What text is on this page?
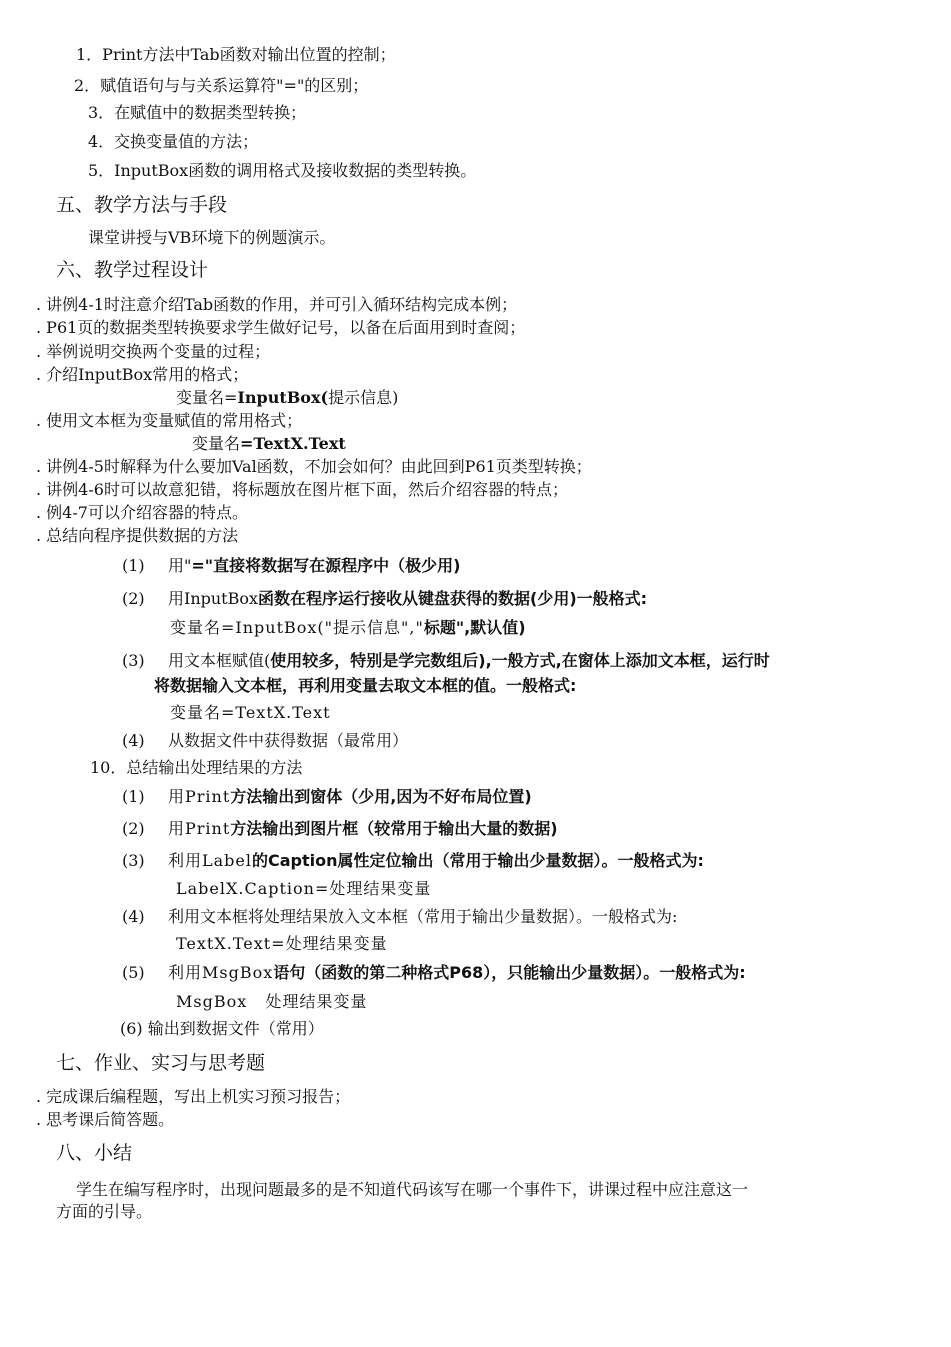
1．Print方法中Tab函数对输出位置的控制；
2．赋值语句与与关系运算符"="的区别；
3．在赋值中的数据类型转换；
4．交换变量值的方法；
5．InputBox函数的调用格式及接收数据的类型转换。
五、教学方法与手段
课堂讲授与VB环境下的例题演示。
六、教学过程设计
. 讲例4-1时注意介绍Tab函数的作用，并可引入循环结构完成本例；
. P61页的数据类型转换要求学生做好记号，以备在后面用到时查阅；
. 举例说明交换两个变量的过程；
. 介绍InputBox常用的格式；
变量名=InputBox(提示信息)
. 使用文本框为变量赋值的常用格式；
变量名=TextX.Text
. 讲例4-5时解释为什么要加Val函数，不加会如何？由此回到P61页类型转换；
. 讲例4-6时可以故意犯错，将标题放在图片框下面，然后介绍容器的特点；
. 例4-7可以介绍容器的特点。
. 总结向程序提供数据的方法
(1) 用"="直接将数据写在源程序中（极少用)
(2) 用InputBox函数在程序运行接收从键盘获得的数据(少用)一般格式:
变量名=InputBox("提示信息","标题",默认值)
(3) 用文本框赋值(使用较多，特别是学完数组后),一般方式,在窗体上添加文本框，运行时
将数据输入文本框，再利用变量去取文本框的值。一般格式:
变量名=TextX.Text
(4) 从数据文件中获得数据（最常用）
10．总结输出处理结果的方法
(1) 用Print方法输出到窗体（少用,因为不好布局位置)
(2) 用Print方法输出到图片框（较常用于输出大量的数据)
(3) 利用Label的Caption属性定位输出（常用于输出少量数据）。一般格式为:
LabelX.Caption=处理结果变量
(4) 利用文本框将处理结果放入文本框（常用于输出少量数据）。一般格式为:
TextX.Text=处理结果变量
(5) 利用MsgBox语句（函数的第二种格式P68），只能输出少量数据）。一般格式为:
MsgBox   处理结果变量
(6) 输出到数据文件（常用）
七、作业、实习与思考题
. 完成课后编程题，写出上机实习预习报告；
. 思考课后简答题。
八、小结
学生在编写程序时，出现问题最多的是不知道代码该写在哪一个事件下，讲课过程中应注意这一
方面的引导。
